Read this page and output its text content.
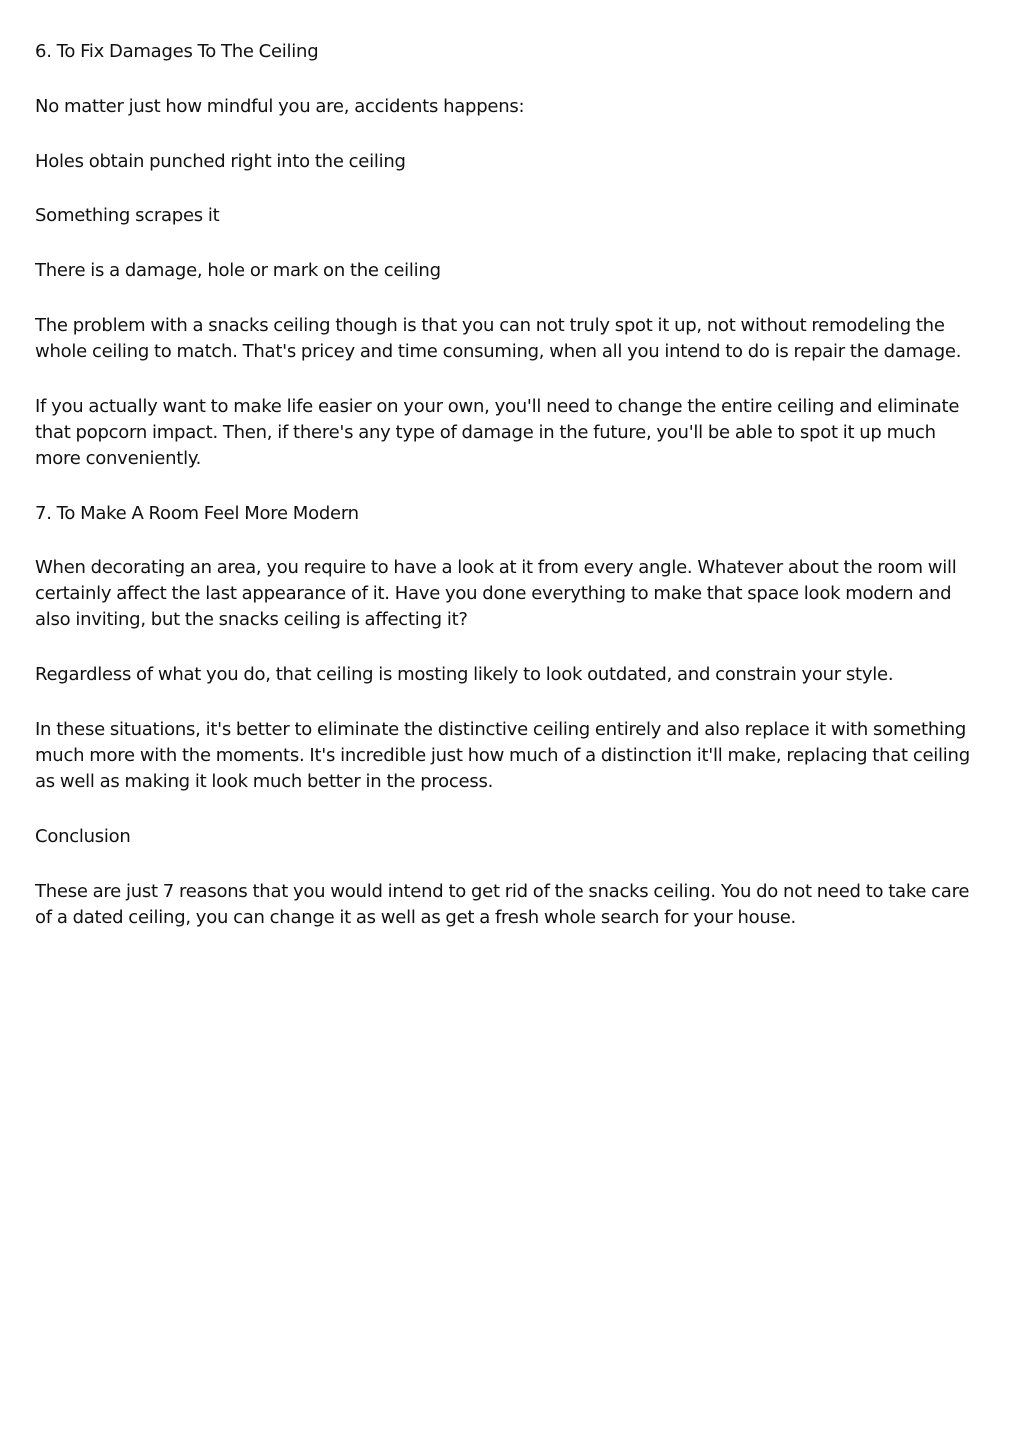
6. To Fix Damages To The Ceiling

No matter just how mindful you are, accidents happens:

Holes obtain punched right into the ceiling

Something scrapes it

There is a damage, hole or mark on the ceiling

The problem with a snacks ceiling though is that you can not truly spot it up, not without remodeling the whole ceiling to match. That's pricey and time consuming, when all you intend to do is repair the damage.

If you actually want to make life easier on your own, you'll need to change the entire ceiling and eliminate that popcorn impact. Then, if there's any type of damage in the future, you'll be able to spot it up much more conveniently.

7. To Make A Room Feel More Modern

When decorating an area, you require to have a look at it from every angle. Whatever about the room will certainly affect the last appearance of it. Have you done everything to make that space look modern and also inviting, but the snacks ceiling is affecting it?

Regardless of what you do, that ceiling is mosting likely to look outdated, and constrain your style.

In these situations, it's better to eliminate the distinctive ceiling entirely and also replace it with something much more with the moments. It's incredible just how much of a distinction it'll make, replacing that ceiling as well as making it look much better in the process.

Conclusion

These are just 7 reasons that you would intend to get rid of the snacks ceiling. You do not need to take care of a dated ceiling, you can change it as well as get a fresh whole search for your house.
